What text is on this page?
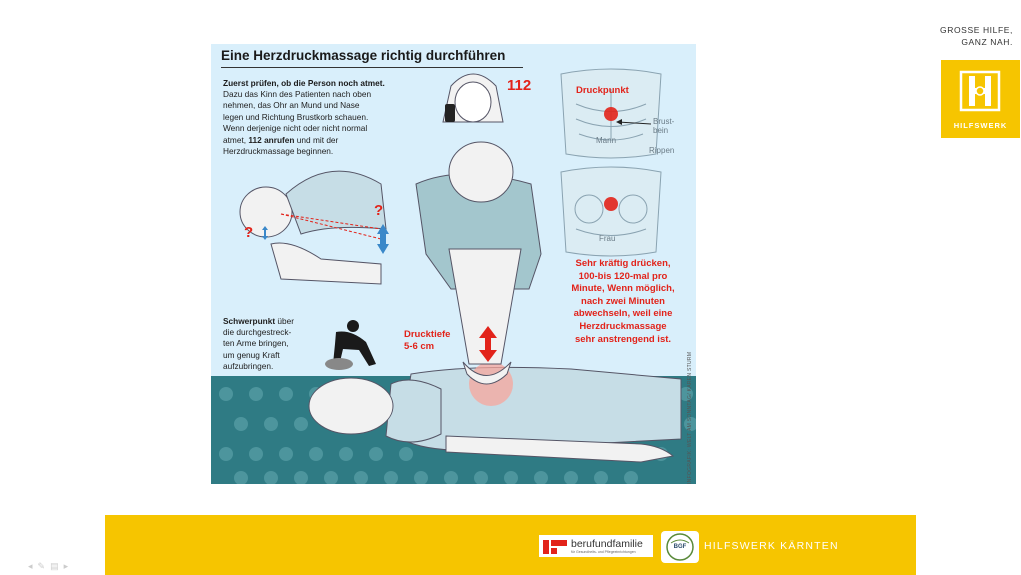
GROSSE HILFE,
GANZ NAH.
HILFSWERK
Eine Herzdruckmassage richtig durchführen
Zuerst prüfen, ob die Person noch atmet.
Dazu das Kinn des Patienten nach oben
nehmen, das Ohr an Mund und Nase
legen und Richtung Brustkorb schauen.
Wenn derjenige nicht oder nicht normal
atmet, 112 anrufen und mit der
Herzdruckmassage beginnen.
112	Druckpunkt
Brust-
bein
Mann
Rippen
Frau
?
?
Drucktiefe
5-6 cm
Schwerpunkt über
die durchgestreck-
ten Arme bringen,
um genug Kraft
aufzubringen.
Sehr kräftig drücken,
100-bis 120-mal pro
Minute, Wenn möglich,
nach zwei Minuten
abwechseln, weil eine
Herzdruckmassage
sehr anstrengend ist.
INFOGRAFIK: WELT AM SONNTAG/ KAREN STURM
berufundfamilie
für Gesundheits- und Pflegeeinrichtungen
BGF	HILFSWERK KÄRNTEN
◂✎▤▸
